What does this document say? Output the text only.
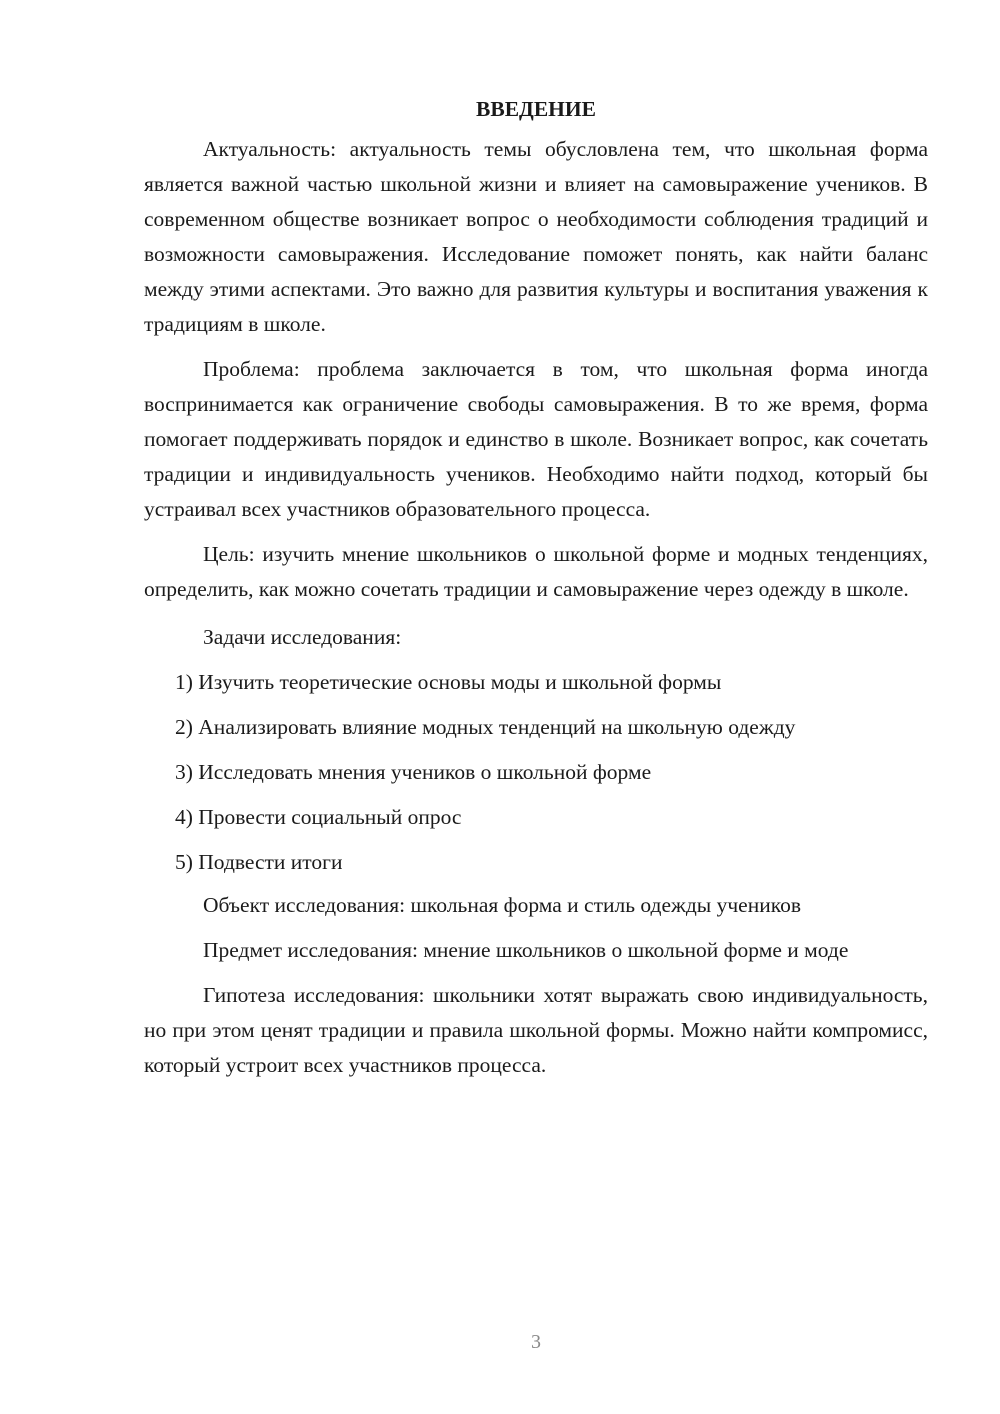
ВВЕДЕНИЕ

Актуальность: актуальность темы обусловлена тем, что школьная форма является важной частью школьной жизни и влияет на самовыражение учеников. В современном обществе возникает вопрос о необходимости соблюдения традиций и возможности самовыражения. Исследование поможет понять, как найти баланс между этими аспектами. Это важно для развития культуры и воспитания уважения к традициям в школе.

Проблема: проблема заключается в том, что школьная форма иногда воспринимается как ограничение свободы самовыражения. В то же время, форма помогает поддерживать порядок и единство в школе. Возникает вопрос, как сочетать традиции и индивидуальность учеников. Необходимо найти подход, который бы устраивал всех участников образовательного процесса.

Цель: изучить мнение школьников о школьной форме и модных тенденциях, определить, как можно сочетать традиции и самовыражение через одежду в школе.

Задачи исследования:

1) Изучить теоретические основы моды и школьной формы
2) Анализировать влияние модных тенденций на школьную одежду
3) Исследовать мнения учеников о школьной форме
4) Провести социальный опрос
5) Подвести итоги

Объект исследования: школьная форма и стиль одежды учеников

Предмет исследования: мнение школьников о школьной форме и моде

Гипотеза исследования: школьники хотят выражать свою индивидуальность, но при этом ценят традиции и правила школьной формы. Можно найти компромисс, который устроит всех участников процесса.

3
